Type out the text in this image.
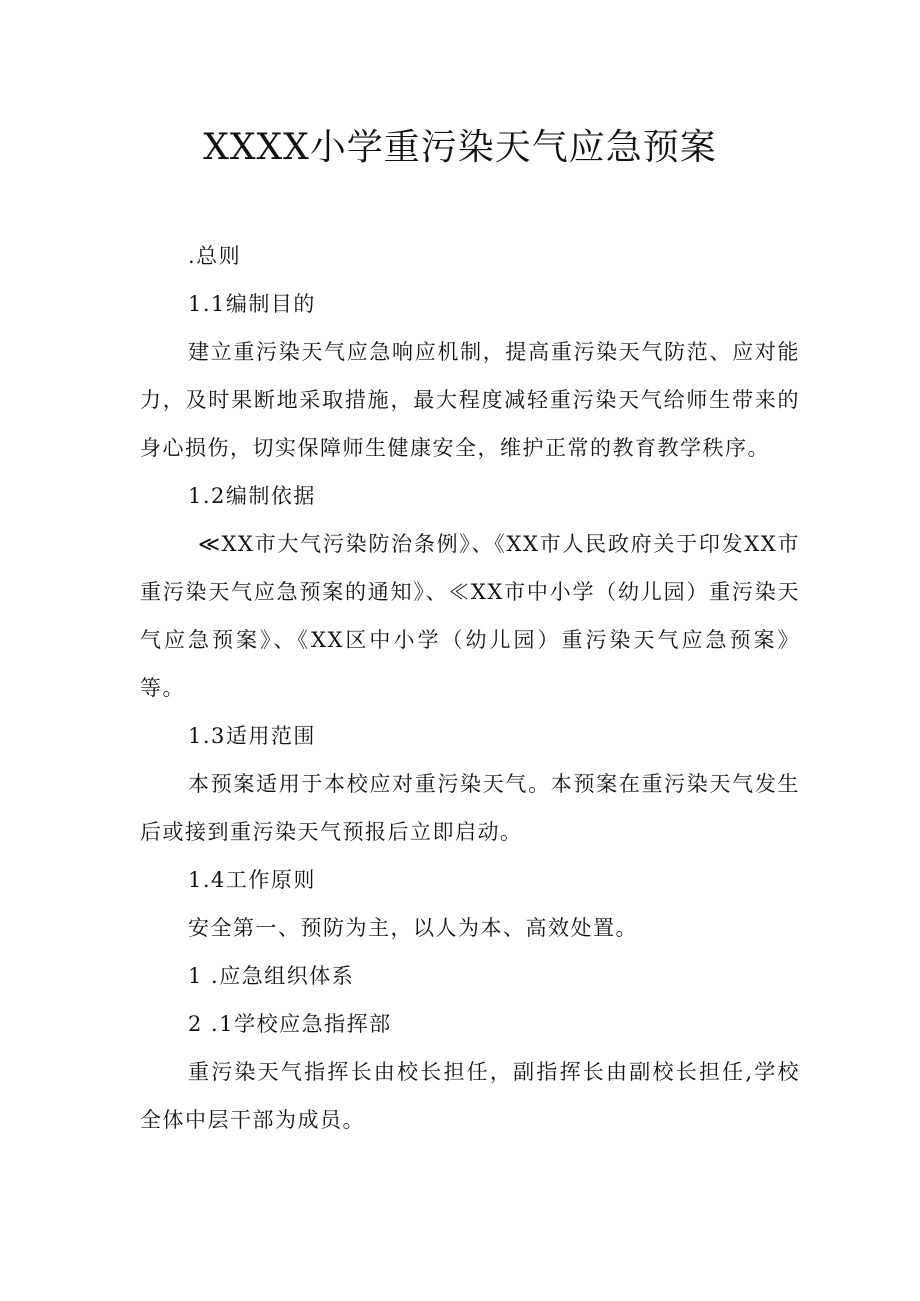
XXXX小学重污染天气应急预案

.总则

1.1编制目的

建立重污染天气应急响应机制，提高重污染天气防范、应对能力，及时果断地采取措施，最大程度减轻重污染天气给师生带来的身心损伤，切实保障师生健康安全，维护正常的教育教学秩序。

1.2编制依据

≪XX市大气污染防治条例》、《XX市人民政府关于印发XX市重污染天气应急预案的通知》、≪XX市中小学（幼儿园）重污染天气应急预案》、《XX区中小学（幼儿园）重污染天气应急预案》等。

1.3适用范围

本预案适用于本校应对重污染天气。本预案在重污染天气发生后或接到重污染天气预报后立即启动。

1.4工作原则

安全第一、预防为主，以人为本、高效处置。

1 .应急组织体系

2 .1学校应急指挥部

重污染天气指挥长由校长担任，副指挥长由副校长担任,学校全体中层干部为成员。
